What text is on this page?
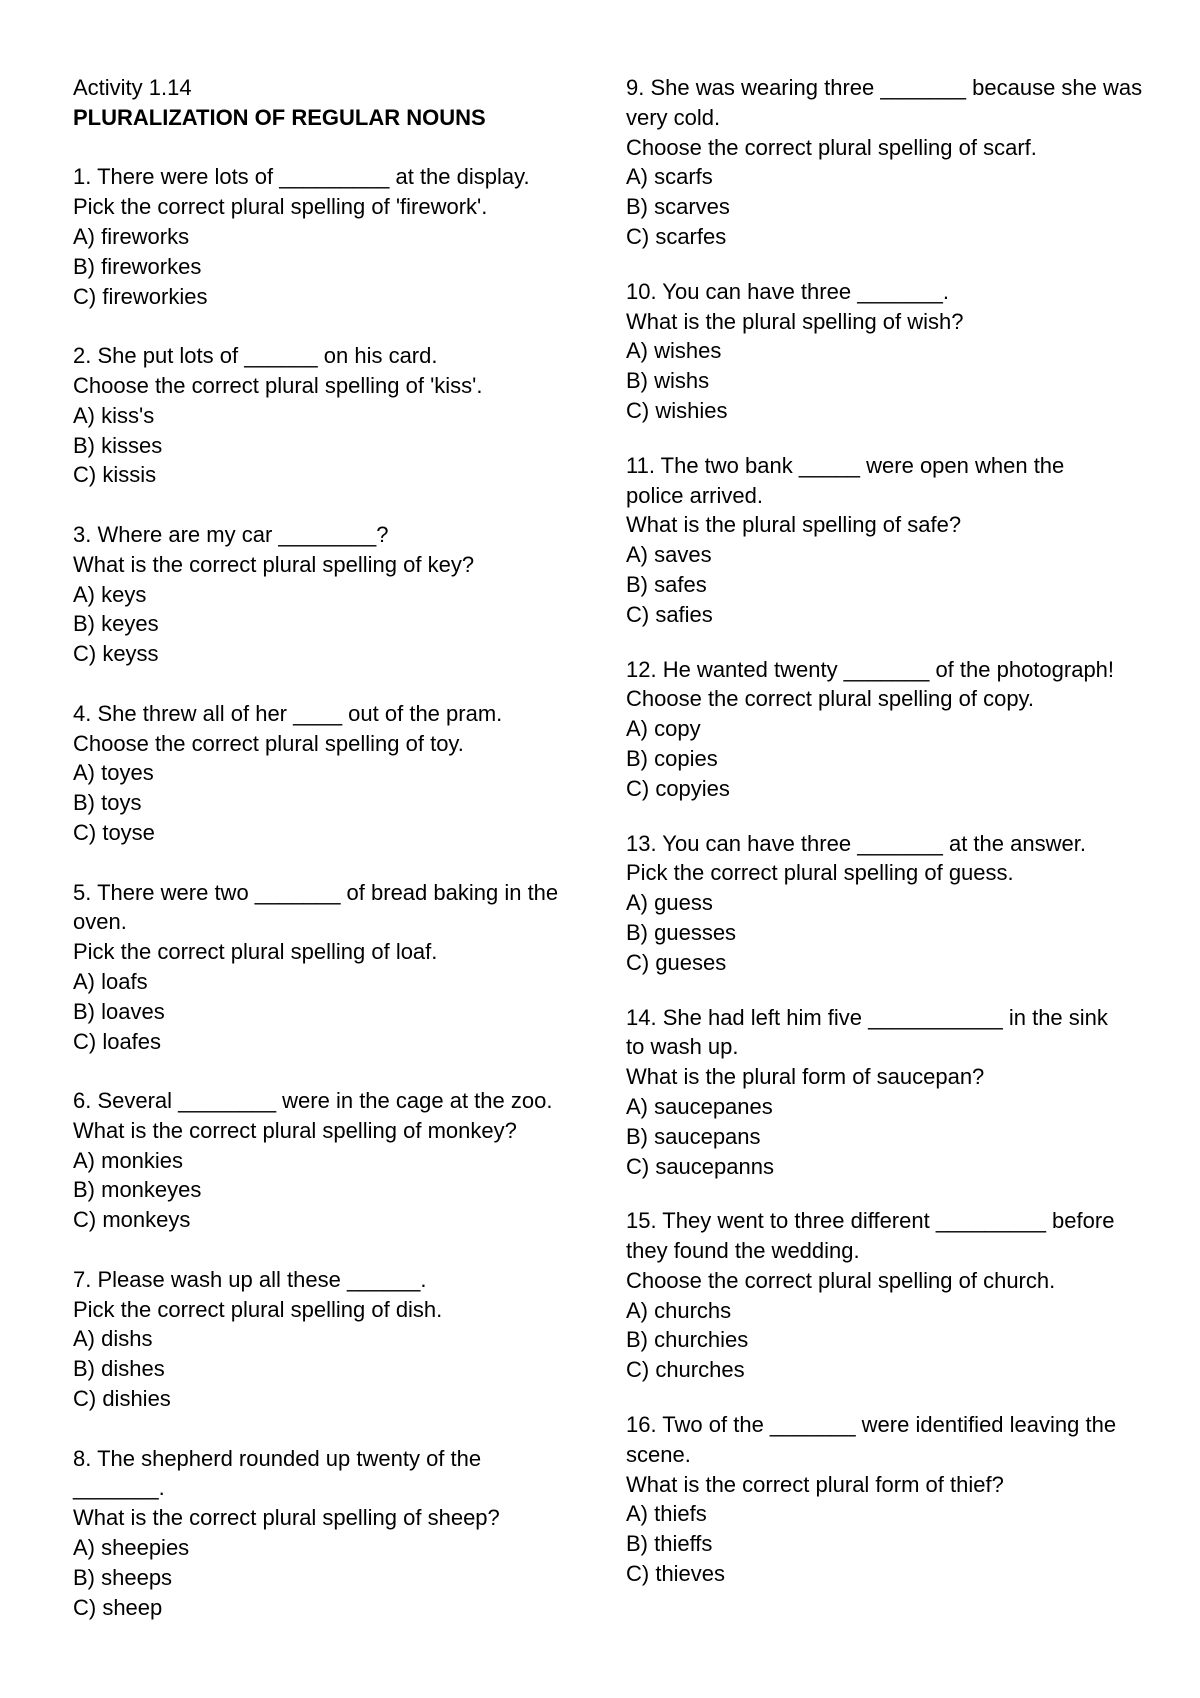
Activity 1.14
PLURALIZATION OF REGULAR NOUNS
1. There were lots of _________ at the display.
Pick the correct plural spelling of 'firework'.
A) fireworks
B) fireworkes
C) fireworkies
2. She put lots of ______ on his card.
Choose the correct plural spelling of 'kiss'.
A) kiss's
B) kisses
C) kissis
3. Where are my car ________?
What is the correct plural spelling of key?
A) keys
B) keyes
C) keyss
4. She threw all of her ____ out of the pram.
Choose the correct plural spelling of toy.
A) toyes
B) toys
C) toyse
5. There were two _______ of bread baking in the
oven.
Pick the correct plural spelling of loaf.
A) loafs
B) loaves
C) loafes
6. Several ________ were in the cage at the zoo.
What is the correct plural spelling of monkey?
A) monkies
B) monkeyes
C) monkeys
7. Please wash up all these ______.
Pick the correct plural spelling of dish.
A) dishs
B) dishes
C) dishies
8. The shepherd rounded up twenty of the
_______.
What is the correct plural spelling of sheep?
A) sheepies
B) sheeps
C) sheep
9. She was wearing three _______ because she was
very cold.
Choose the correct plural spelling of scarf.
A) scarfs
B) scarves
C) scarfes
10. You can have three _______.
What is the plural spelling of wish?
A) wishes
B) wishs
C) wishies
11. The two bank _____ were open when the
police arrived.
What is the plural spelling of safe?
A) saves
B) safes
C) safies
12. He wanted twenty _______ of the photograph!
Choose the correct plural spelling of copy.
A) copy
B) copies
C) copyies
13. You can have three _______ at the answer.
Pick the correct plural spelling of guess.
A) guess
B) guesses
C) gueses
14. She had left him five ___________ in the sink
to wash up.
What is the plural form of saucepan?
A) saucepanes
B) saucepans
C) saucepanns
15. They went to three different _________ before
they found the wedding.
Choose the correct plural spelling of church.
A) churchs
B) churchies
C) churches
16. Two of the _______ were identified leaving the
scene.
What is the correct plural form of thief?
A) thiefs
B) thieffs
C) thieves
